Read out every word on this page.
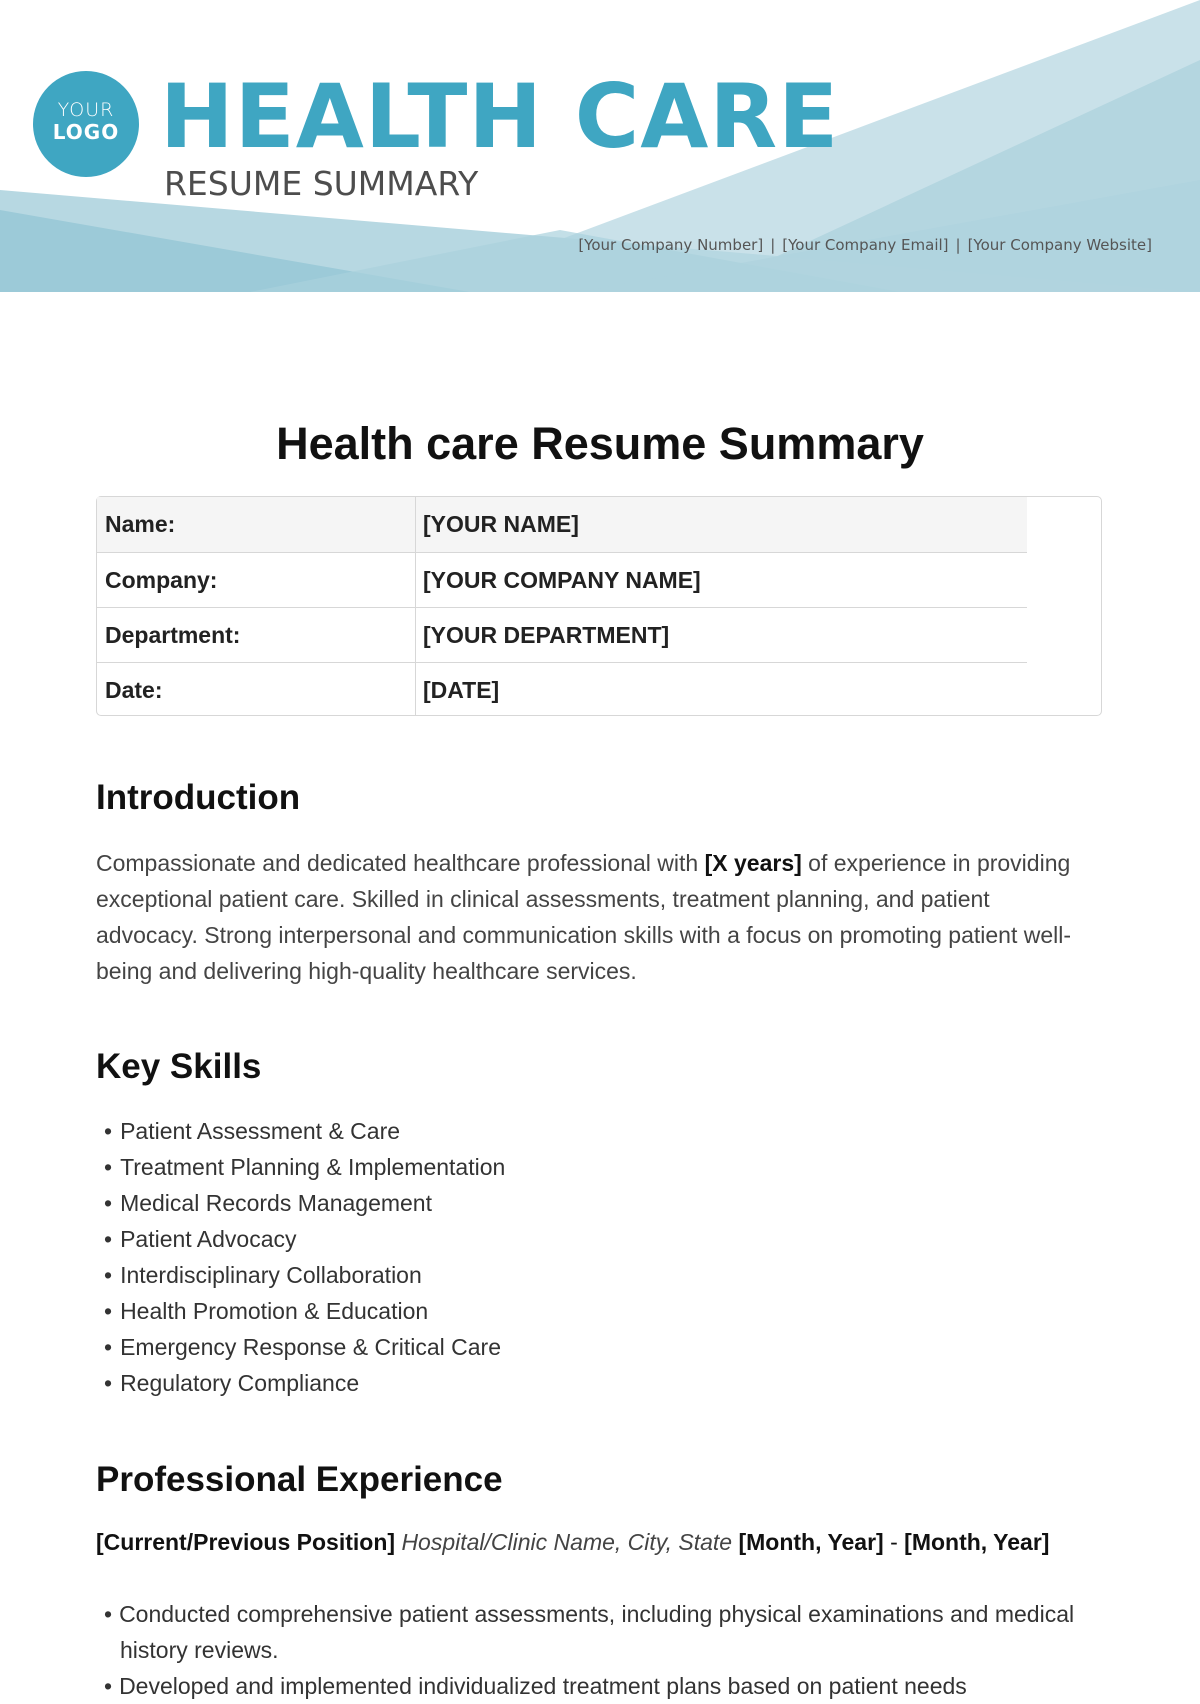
YOUR
LOGO HEALTH CARE
RESUME SUMMARY
[Your Company Number] | [Your Company Email] | [Your Company Website]
Health care Resume Summary
Name:	[YOUR NAME]
Company:	[YOUR COMPANY NAME]
Department:	[YOUR DEPARTMENT]
Date:	[DATE]
Introduction
Compassionate and dedicated healthcare professional with [X years] of experience in providing exceptional patient care. Skilled in clinical assessments, treatment planning, and patient advocacy. Strong interpersonal and communication skills with a focus on promoting patient well-being and delivering high-quality healthcare services.
Key Skills
• Patient Assessment & Care
• Treatment Planning & Implementation
• Medical Records Management
• Patient Advocacy
• Interdisciplinary Collaboration
• Health Promotion & Education
• Emergency Response & Critical Care
• Regulatory Compliance
Professional Experience
[Current/Previous Position] Hospital/Clinic Name, City, State [Month, Year] - [Month, Year]
• Conducted comprehensive patient assessments, including physical examinations and medical history reviews.
• Developed and implemented individualized treatment plans based on patient needs
